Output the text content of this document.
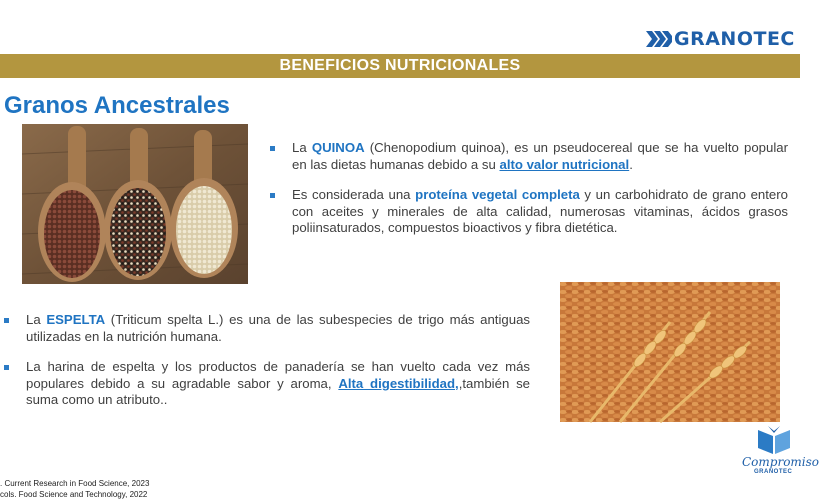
GRANOTEC
BENEFICIOS NUTRICIONALES
Granos Ancestrales
La QUINOA (Chenopodium quinoa), es un pseudocereal que se ha vuelto popular en las dietas humanas debido a su alto valor nutricional.
Es considerada una proteína vegetal completa y un carbohidrato de grano entero con aceites y minerales de alta calidad, numerosas vitaminas, ácidos grasos poliinsaturados, compuestos bioactivos y fibra dietética.
La ESPELTA (Triticum spelta L.) es una de las subespecies de trigo más antiguas utilizadas en la nutrición humana.
La harina de espelta y los productos de panadería se han vuelto cada vez más populares debido a su agradable sabor y aroma, Alta digestibilidad,,también se suma como un atributo..
. Current Research in Food Science, 2023
cols. Food Science and Technology, 2022
Compromiso
GRANOTEC
